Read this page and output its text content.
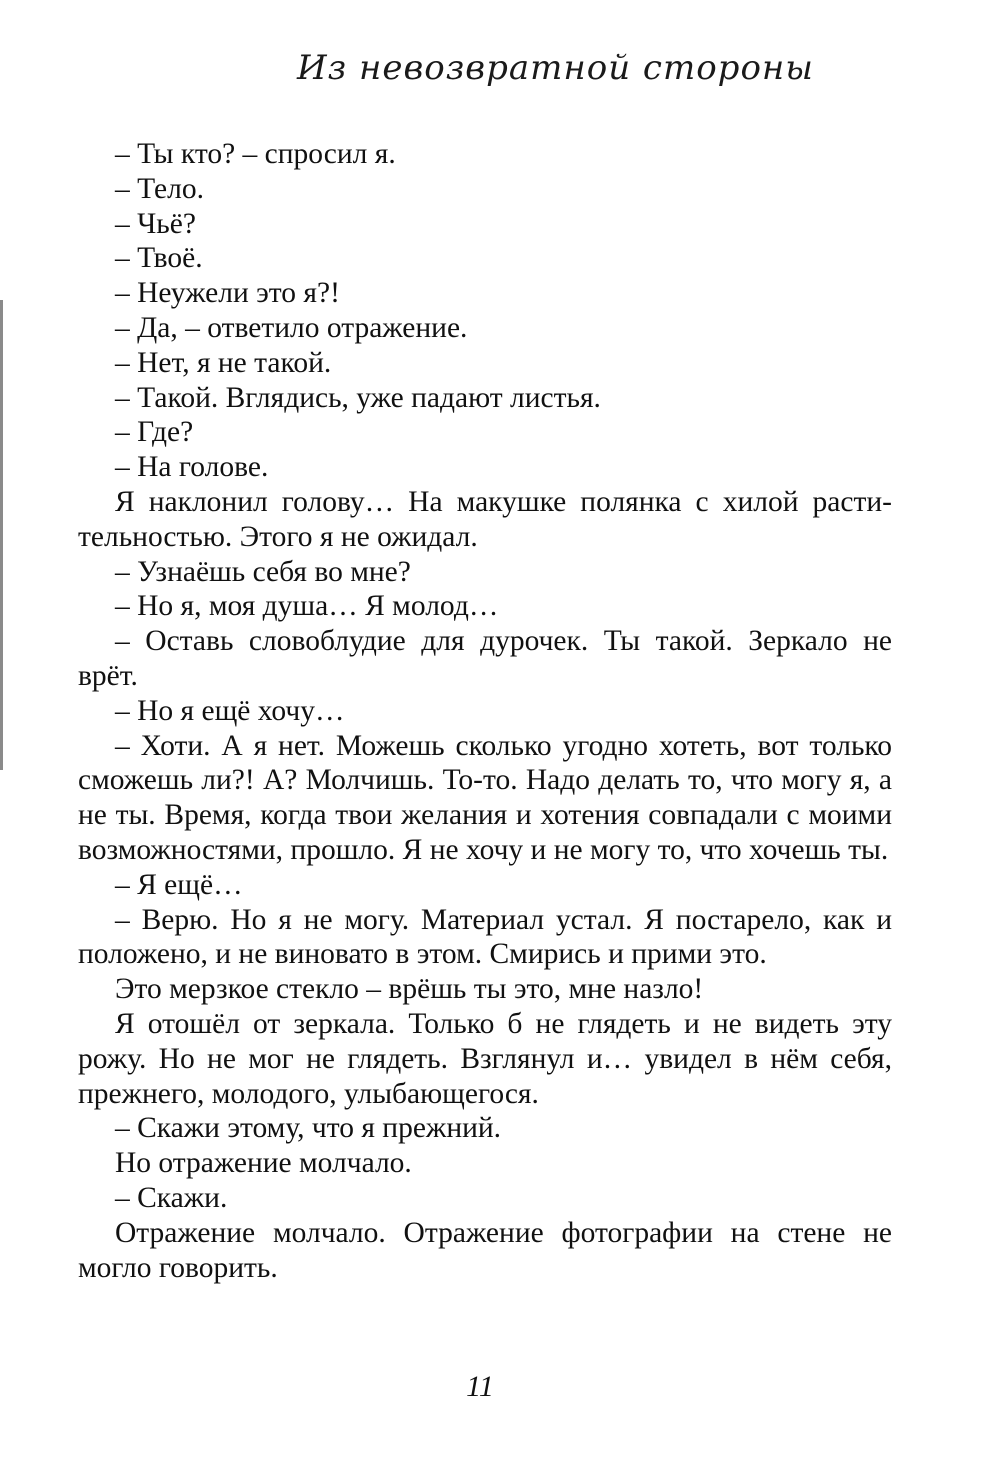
Из невозвратной стороны

– Ты кто? – спросил я.

– Тело.

– Чьё?

– Твоё.

– Неужели это я?!

– Да, – ответило отражение.

– Нет, я не такой.

– Такой. Вглядись, уже падают листья.

– Где?

– На голове.

Я наклонил голову… На макушке полянка с хилой растительностью. Этого я не ожидал.

– Узнаёшь себя во мне?

– Но я, моя душа… Я молод…

– Оставь словоблудие для дурочек. Ты такой. Зеркало не врёт.

– Но я ещё хочу…

– Хоти. А я нет. Можешь сколько угодно хотеть, вот только сможешь ли?! А? Молчишь. То-то. Надо делать то, что могу я, а не ты. Время, когда твои желания и хотения совпадали с моими возможностями, прошло. Я не хочу и не могу то, что хочешь ты.

– Я ещё…

– Верю. Но я не могу. Материал устал. Я постарело, как и положено, и не виновато в этом. Смирись и прими это.

Это мерзкое стекло – врёшь ты это, мне назло!

Я отошёл от зеркала. Только б не глядеть и не видеть эту рожу. Но не мог не глядеть. Взглянул и… увидел в нём себя, прежнего, молодого, улыбающегося.

– Скажи этому, что я прежний.

Но отражение молчало.

– Скажи.

Отражение молчало. Отражение фотографии на стене не могло говорить.

11
